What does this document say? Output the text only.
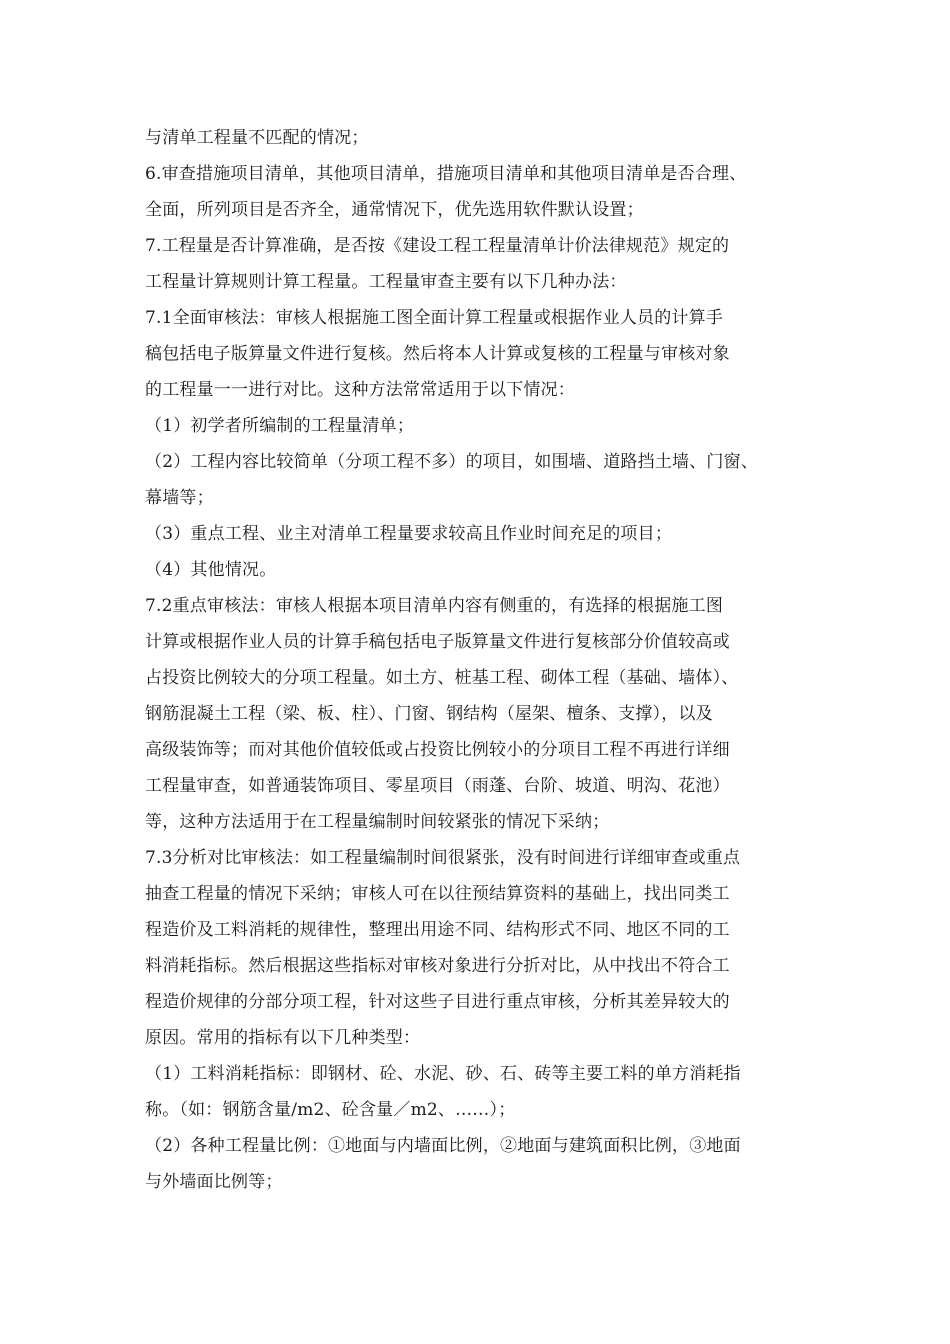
与清单工程量不匹配的情况；
6.审查措施项目清单，其他项目清单，措施项目清单和其他项目清单是否合理、
全面，所列项目是否齐全，通常情况下，优先选用软件默认设置；
7.工程量是否计算准确，是否按《建设工程工程量清单计价法律规范》规定的
工程量计算规则计算工程量。工程量审查主要有以下几种办法：
7.1全面审核法：审核人根据施工图全面计算工程量或根据作业人员的计算手
稿包括电子版算量文件进行复核。然后将本人计算或复核的工程量与审核对象
的工程量一一进行对比。这种方法常常适用于以下情况：
（1）初学者所编制的工程量清单；
（2）工程内容比较简单（分项工程不多）的项目，如围墙、道路挡土墙、门窗、
幕墙等；
（3）重点工程、业主对清单工程量要求较高且作业时间充足的项目；
（4）其他情况。
7.2重点审核法：审核人根据本项目清单内容有侧重的，有选择的根据施工图
计算或根据作业人员的计算手稿包括电子版算量文件进行复核部分价值较高或
占投资比例较大的分项工程量。如土方、桩基工程、砌体工程（基础、墙体）、
钢筋混凝土工程（梁、板、柱）、门窗、钢结构（屋架、檀条、支撑），以及
高级装饰等；而对其他价值较低或占投资比例较小的分项目工程不再进行详细
工程量审查，如普通装饰项目、零星项目（雨蓬、台阶、坡道、明沟、花池）
等，这种方法适用于在工程量编制时间较紧张的情况下采纳；
7.3分析对比审核法：如工程量编制时间很紧张，没有时间进行详细审查或重点
抽查工程量的情况下采纳；审核人可在以往预结算资料的基础上，找出同类工
程造价及工料消耗的规律性，整理出用途不同、结构形式不同、地区不同的工
料消耗指标。然后根据这些指标对审核对象进行分折对比，从中找出不符合工
程造价规律的分部分项工程，针对这些子目进行重点审核，分析其差异较大的
原因。常用的指标有以下几种类型：
（1）工料消耗指标：即钢材、砼、水泥、砂、石、砖等主要工料的单方消耗指
称。（如：钢筋含量/m2、砼含量／m2、……）；
（2）各种工程量比例：①地面与内墙面比例，②地面与建筑面积比例，③地面
与外墙面比例等；
